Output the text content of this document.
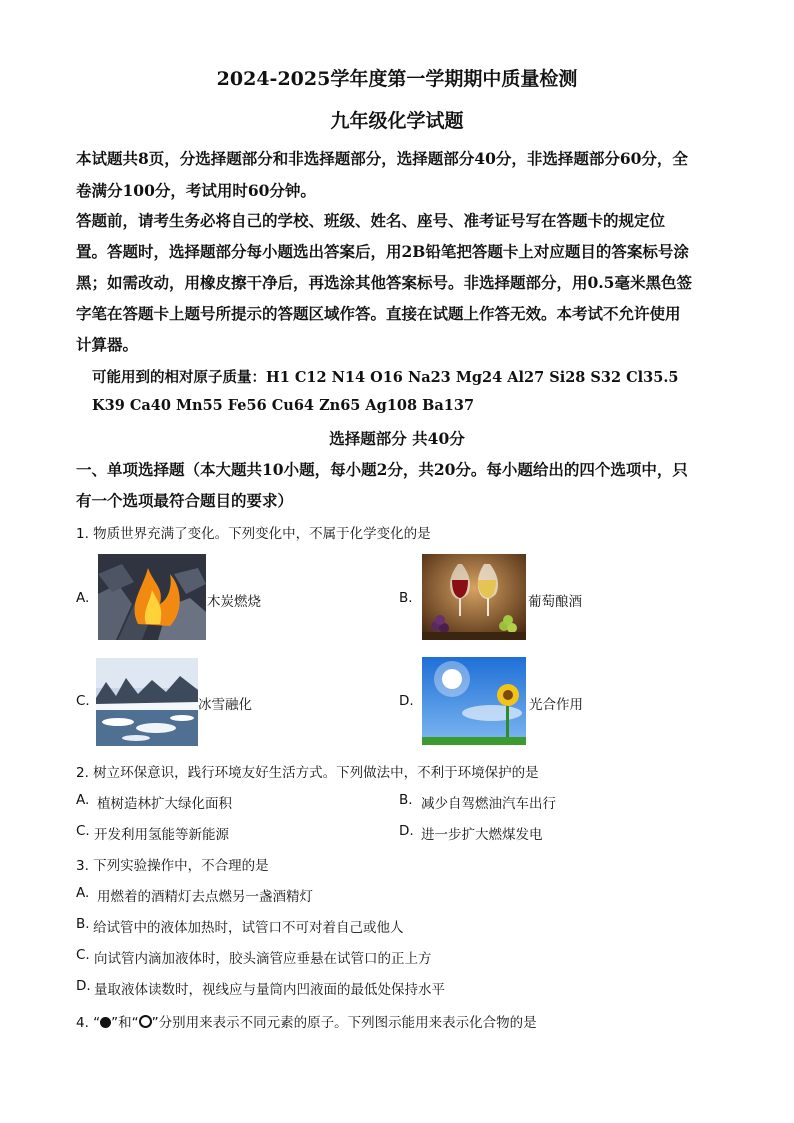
2024-2025学年度第一学期期中质量检测
九年级化学试题
本试题共8页，分选择题部分和非选择题部分，选择题部分40分，非选择题部分60分，全
卷满分100分，考试用时60分钟。
答题前，请考生务必将自己的学校、班级、姓名、座号、准考证号写在答题卡的规定位
置。答题时，选择题部分每小题选出答案后，用2B铅笔把答题卡上对应题目的答案标号涂
黑；如需改动，用橡皮擦干净后，再选涂其他答案标号。非选择题部分，用0.5毫米黑色签
字笔在答题卡上题号所提示的答题区域作答。直接在试题上作答无效。本考试不允许使用
计算器。
可能用到的相对原子质量：H1 C12 N14 O16 Na23 Mg24 Al27 Si28 S32 Cl35.5
K39 Ca40 Mn55 Fe56 Cu64 Zn65 Ag108 Ba137
选择题部分 共40分
一、单项选择题（本大题共10小题，每小题2分，共20分。每小题给出的四个选项中，只
有一个选项最符合题目的要求）
1. 物质世界充满了变化。下列变化中，不属于化学变化的是
A.	木炭燃烧	B.	葡萄酿酒
C.	冰雪融化	D.	光合作用
2. 树立环保意识，践行环境友好生活方式。下列做法中，不利于环境保护的是
A. 植树造林扩大绿化面积	B. 减少自驾燃油汽车出行
C. 开发利用氢能等新能源	D. 进一步扩大燃煤发电
3. 下列实验操作中，不合理的是
A. 用燃着的酒精灯去点燃另一盏酒精灯
B. 给试管中的液体加热时，试管口不可对着自己或他人
C. 向试管内滴加液体时，胶头滴管应垂悬在试管口的正上方
D. 量取液体读数时，视线应与量筒内凹液面的最低处保持水平
4. “ ”和“ ”分别用来表示不同元素的原子。下列图示能用来表示化合物的是
